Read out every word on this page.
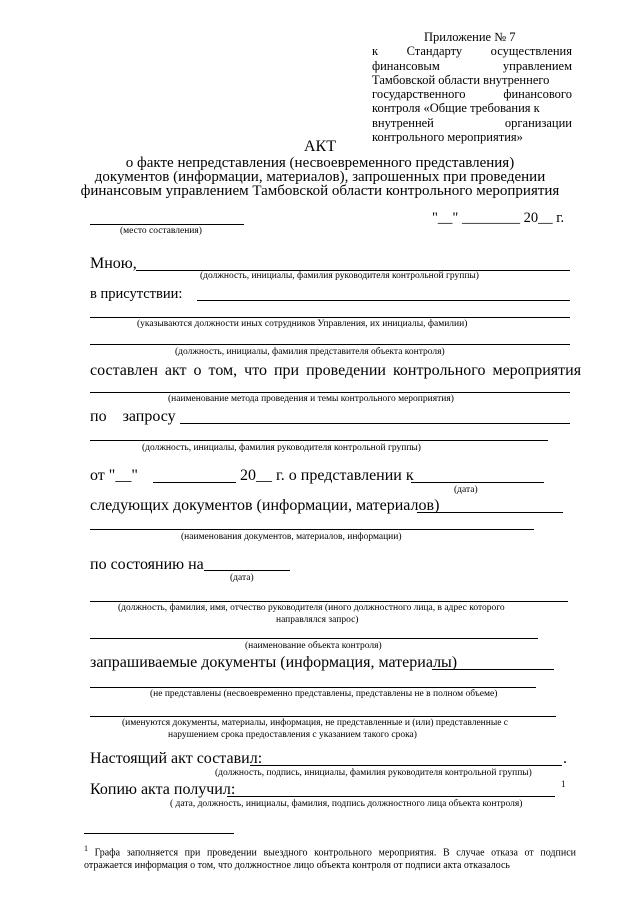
Приложение № 7
к Стандарту осуществления
финансовым	управлением
Тамбовской области внутреннего
государственного	финансового
контроля «Общие требования к
внутренней	организации
контрольного мероприятия»
АКТ
о факте непредставления (несвоевременного представления)
документов (информации, материалов), запрошенных при проведении
финансовым управлением Тамбовской области контрольного мероприятия
(место составления)
"__" ________ 20__ г.
Мною,
(должность, инициалы, фамилия руководителя контрольной группы)
в присутствии:
(указываются должности иных сотрудников Управления, их инициалы, фамилии)
(должность, инициалы, фамилия представителя объекта контроля)
составлен акт о том, что при проведении контрольного мероприятия
(наименование метода проведения и темы контрольного мероприятия)
по запросу
(должность, инициалы, фамилия руководителя контрольной группы)
от "__"	20__ г. о представлении к
(дата)
следующих документов (информации, материалов)
(наименования документов, материалов, информации)
по состоянию на
(дата)
(должность, фамилия, имя, отчество руководителя (иного должностного лица, в адрес которого
направлялся запрос)
(наименование объекта контроля)
запрашиваемые документы (информация, материалы)
(не представлены (несвоевременно представлены, представлены не в полном объеме)
(именуются документы, материалы, информация, не представленные и (или) представленные с
нарушением срока предоставления с указанием такого срока)
Настоящий акт составил:	.
(должность, подпись, инициалы, фамилия руководителя контрольной группы)
Копию акта получил:	1
( дата, должность, инициалы, фамилия, подпись должностного лица объекта контроля)
$^1$ Графа заполняется при проведении выездного контрольного мероприятия. В случае отказа от подписи отражается информация о том, что должностное лицо объекта контроля от подписи акта отказалось
